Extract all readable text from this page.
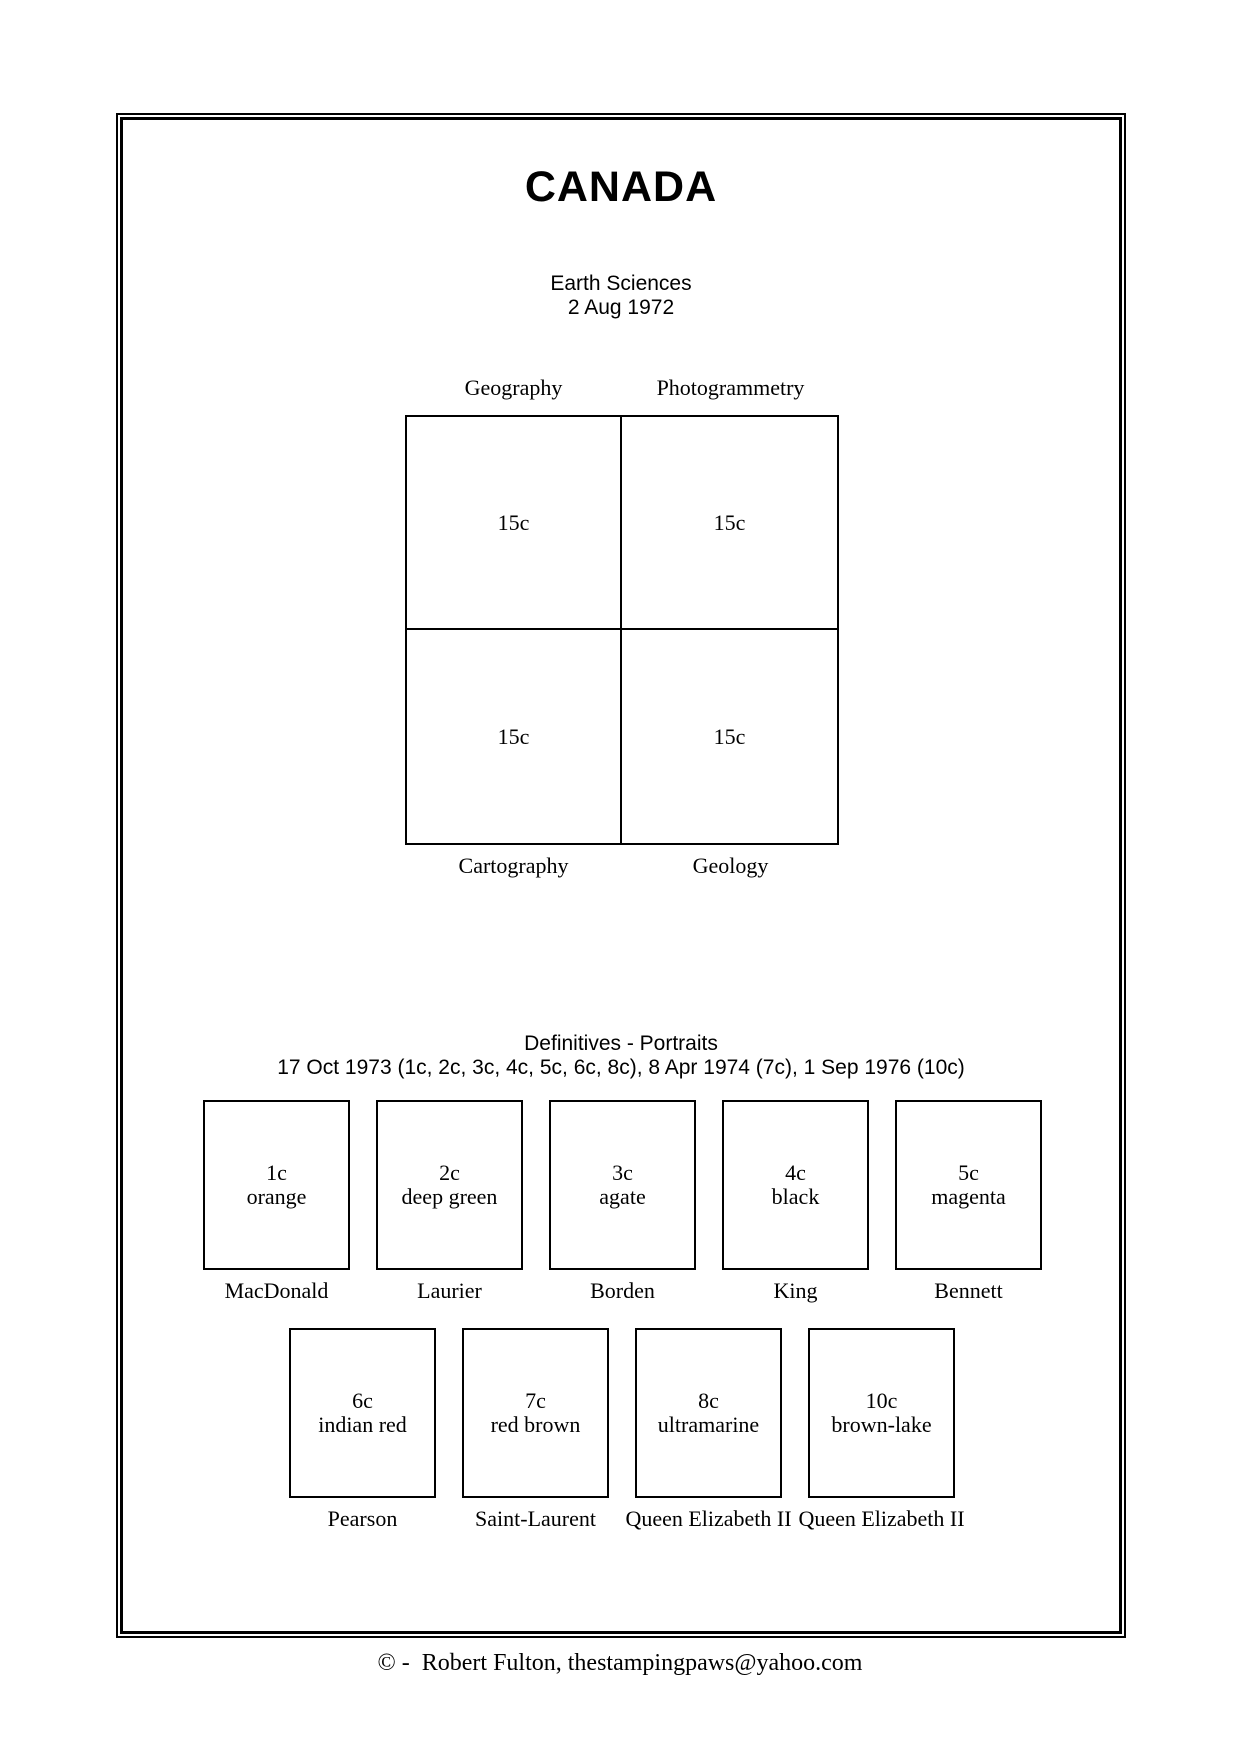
CANADA
Earth Sciences
2 Aug 1972
Geography	Photogrammetry
15c	15c
15c	15c
Cartography	Geology
Definitives - Portraits
17 Oct 1973 (1c, 2c, 3c, 4c, 5c, 6c, 8c), 8 Apr 1974 (7c), 1 Sep 1976 (10c)
1c
orange
MacDonald
2c
deep green
Laurier
3c
agate
Borden
4c
black
King
5c
magenta
Bennett
6c
indian red
Pearson
7c
red brown
Saint-Laurent
8c
ultramarine
Queen Elizabeth II
10c
brown-lake
Queen Elizabeth II
© -  Robert Fulton, thestampingpaws@yahoo.com
